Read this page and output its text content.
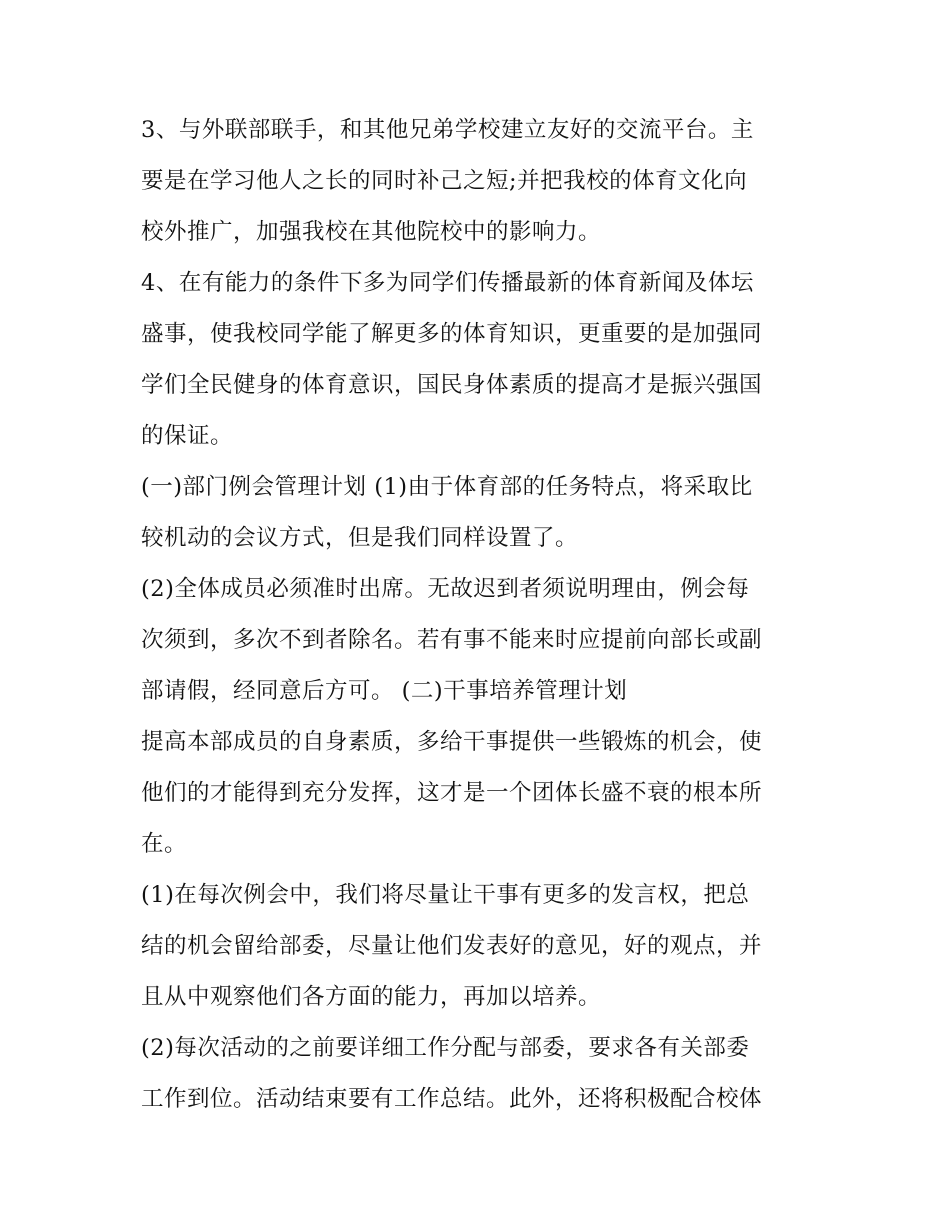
3、与外联部联手，和其他兄弟学校建立友好的交流平台。主
要是在学习他人之长的同时补己之短;并把我校的体育文化向
校外推广，加强我校在其他院校中的影响力。
4、在有能力的条件下多为同学们传播最新的体育新闻及体坛
盛事，使我校同学能了解更多的体育知识，更重要的是加强同
学们全民健身的体育意识，国民身体素质的提高才是振兴强国
的保证。
(一)部门例会管理计划 (1)由于体育部的任务特点，将采取比
较机动的会议方式，但是我们同样设置了。
(2)全体成员必须准时出席。无故迟到者须说明理由，例会每
次须到，多次不到者除名。若有事不能来时应提前向部长或副
部请假，经同意后方可。 (二)干事培养管理计划
提高本部成员的自身素质，多给干事提供一些锻炼的机会，使
他们的才能得到充分发挥，这才是一个团体长盛不衰的根本所
在。
(1)在每次例会中，我们将尽量让干事有更多的发言权，把总
结的机会留给部委，尽量让他们发表好的意见，好的观点，并
且从中观察他们各方面的能力，再加以培养。
(2)每次活动的之前要详细工作分配与部委，要求各有关部委
工作到位。活动结束要有工作总结。此外，还将积极配合校体
